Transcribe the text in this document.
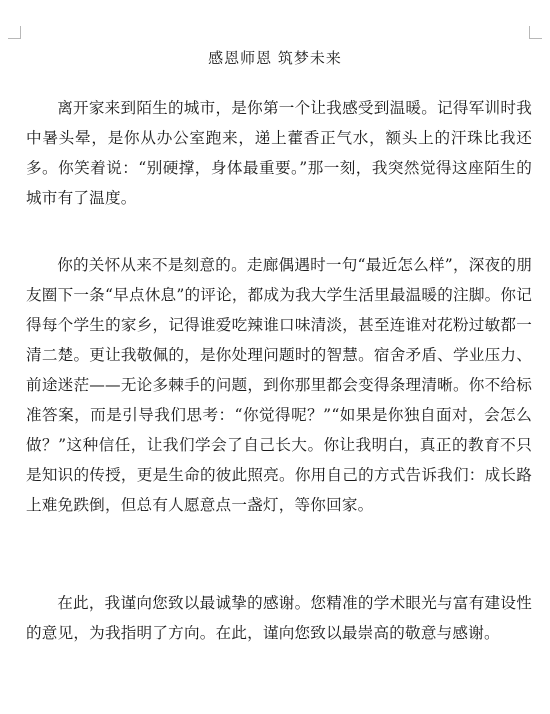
感恩师恩 筑梦未来

离开家来到陌生的城市，是你第一个让我感受到温暖。记得军训时我中暑头晕，是你从办公室跑来，递上藿香正气水，额头上的汗珠比我还多。你笑着说：“别硬撑，身体最重要。”那一刻，我突然觉得这座陌生的城市有了温度。

你的关怀从来不是刻意的。走廊偶遇时一句“最近怎么样”，深夜的朋友圈下一条“早点休息”的评论，都成为我大学生活里最温暖的注脚。你记得每个学生的家乡，记得谁爱吃辣谁口味清淡，甚至连谁对花粉过敏都一清二楚。更让我敬佩的，是你处理问题时的智慧。宿舍矛盾、学业压力、前途迷茫——无论多棘手的问题，到你那里都会变得条理清晰。你不给标准答案，而是引导我们思考：“你觉得呢？”“如果是你独自面对，会怎么做？”这种信任，让我们学会了自己长大。你让我明白，真正的教育不只是知识的传授，更是生命的彼此照亮。你用自己的方式告诉我们：成长路上难免跌倒，但总有人愿意点一盏灯，等你回家。

在此，我谨向您致以最诚挚的感谢。您精准的学术眼光与富有建设性的意见，为我指明了方向。在此，谨向您致以最崇高的敬意与感谢。
